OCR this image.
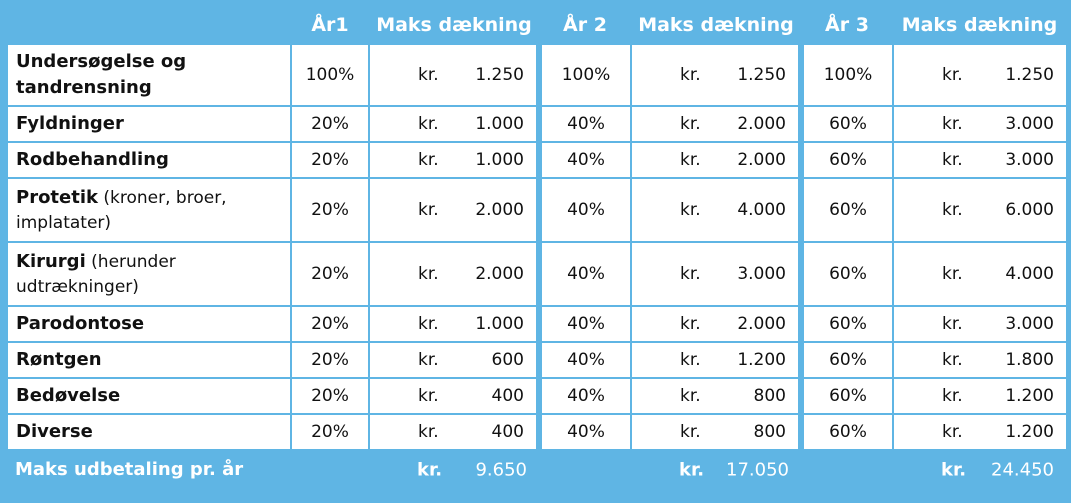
	År1	Maks dækning	År 2	Maks dækning	År 3	Maks dækning
Undersøgelse og tandrensning	100%	kr. 1.250	100%	kr. 1.250	100%	kr. 1.250

Fyldninger	20%	kr. 1.000	40%	kr. 2.000	60%	kr. 3.000

Rodbehandling	20%	kr. 1.000	40%	kr. 2.000	60%	kr. 3.000

Protetik (kroner, broer, implatater)	20%	kr. 2.000	40%	kr. 4.000	60%	kr. 6.000

Kirurgi (herunder udtrækninger)	20%	kr. 2.000	40%	kr. 3.000	60%	kr. 4.000

Parodontose	20%	kr. 1.000	40%	kr. 2.000	60%	kr. 3.000

Røntgen	20%	kr. 600	40%	kr. 1.200	60%	kr. 1.800

Bedøvelse	20%	kr. 400	40%	kr. 800	60%	kr. 1.200

Diverse	20%	kr. 400	40%	kr. 800	60%	kr. 1.200

Maks udbetaling pr. år		kr. 9.650		kr. 17.050		kr. 24.450
